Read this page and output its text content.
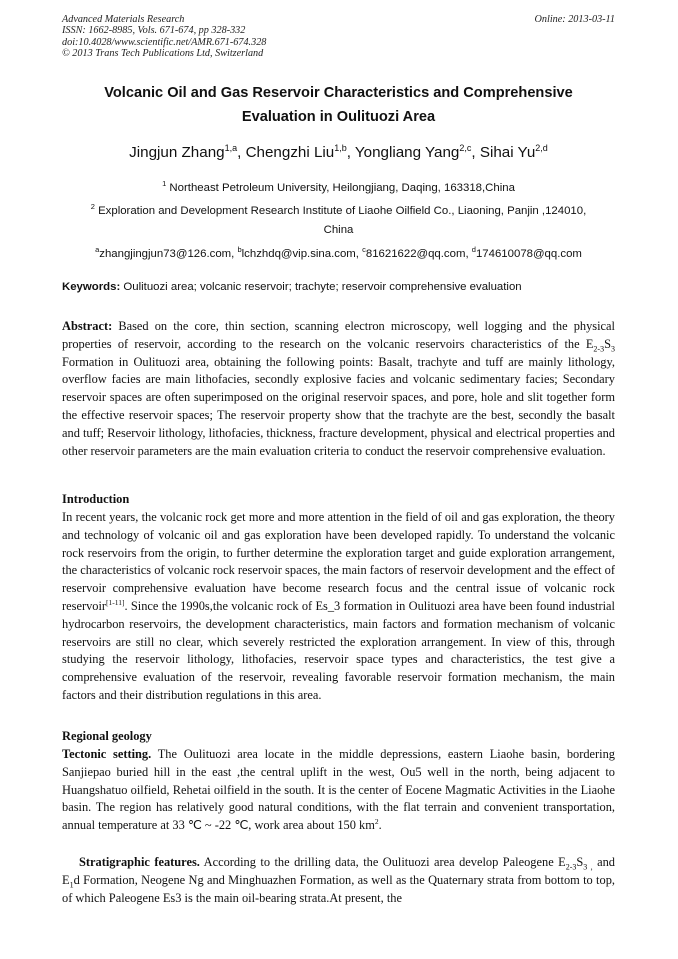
Advanced Materials Research
ISSN: 1662-8985, Vols. 671-674, pp 328-332
doi:10.4028/www.scientific.net/AMR.671-674.328
© 2013 Trans Tech Publications Ltd, Switzerland
Online: 2013-03-11
Volcanic Oil and Gas Reservoir Characteristics and Comprehensive
Evaluation in Oulituozi Area
Jingjun Zhang$^{1,a}$, Chengzhi Liu$^{1,b}$, Yongliang Yang$^{2,c}$, Sihai Yu$^{2,d}$
$^1$ Northeast Petroleum University, Heilongjiang, Daqing, 163318,China
$^2$ Exploration and Development Research Institute of Liaohe Oilfield Co., Liaoning, Panjin ,124010,
China
$^a$zhangjingjun73@126.com, $^b$lchzhdq@vip.sina.com, $^c$81621622@qq.com, $^d$174610078@qq.com
Keywords: Oulituozi area; volcanic reservoir; trachyte; reservoir comprehensive evaluation
Abstract: Based on the core, thin section, scanning electron microscopy, well logging and the physical properties of reservoir, according to the research on the volcanic reservoirs characteristics of the $E_{2-3}S_3$ Formation in Oulituozi area, obtaining the following points: Basalt, trachyte and tuff are mainly lithology, overflow facies are main lithofacies, secondly explosive facies and volcanic sedimentary facies; Secondary reservoir spaces are often superimposed on the original reservoir spaces, and pore, hole and slit together form the effective reservoir spaces; The reservoir property show that the trachyte are the best, secondly the basalt and tuff; Reservoir lithology, lithofacies, thickness, fracture development, physical and electrical properties and other reservoir parameters are the main evaluation criteria to conduct the reservoir comprehensive evaluation.
Introduction
In recent years, the volcanic rock get more and more attention in the field of oil and gas exploration, the theory and technology of volcanic oil and gas exploration have been developed rapidly. To understand the volcanic rock reservoirs from the origin, to further determine the exploration target and guide exploration arrangement, the characteristics of volcanic rock reservoir spaces, the main factors of reservoir development and the effect of reservoir comprehensive evaluation have become research focus and the central issue of volcanic rock reservoir[1-11]. Since the 1990s,the volcanic rock of Es_3 formation in Oulituozi area have been found industrial hydrocarbon reservoirs, the development characteristics, main factors and formation mechanism of volcanic reservoirs are still no clear, which severely restricted the exploration arrangement. In view of this, through studying the reservoir lithology, lithofacies, reservoir space types and characteristics, the test give a comprehensive evaluation of the reservoir, revealing favorable reservoir formation mechanism, the main factors and their distribution regulations in this area.
Regional geology
Tectonic setting. The Oulituozi area locate in the middle depressions, eastern Liaohe basin, bordering Sanjiepao buried hill in the east ,the central uplift in the west, Ou5 well in the north, being adjacent to Huangshatuo oilfield, Rehetai oilfield in the south. It is the center of Eocene Magmatic Activities in the Liaohe basin. The region has relatively good natural conditions, with the flat terrain and convenient transportation, annual temperature at 33 ℃ ~ -22 ℃, work area about 150 $km^2$.
Stratigraphic features. According to the drilling data, the Oulituozi area develop Paleogene $E_{2-3}S_{3 ,}$ and $E_1d$ Formation, Neogene Ng and Minghuazhen Formation, as well as the Quaternary strata from bottom to top, of which Paleogene Es3 is the main oil-bearing strata.At present, the
